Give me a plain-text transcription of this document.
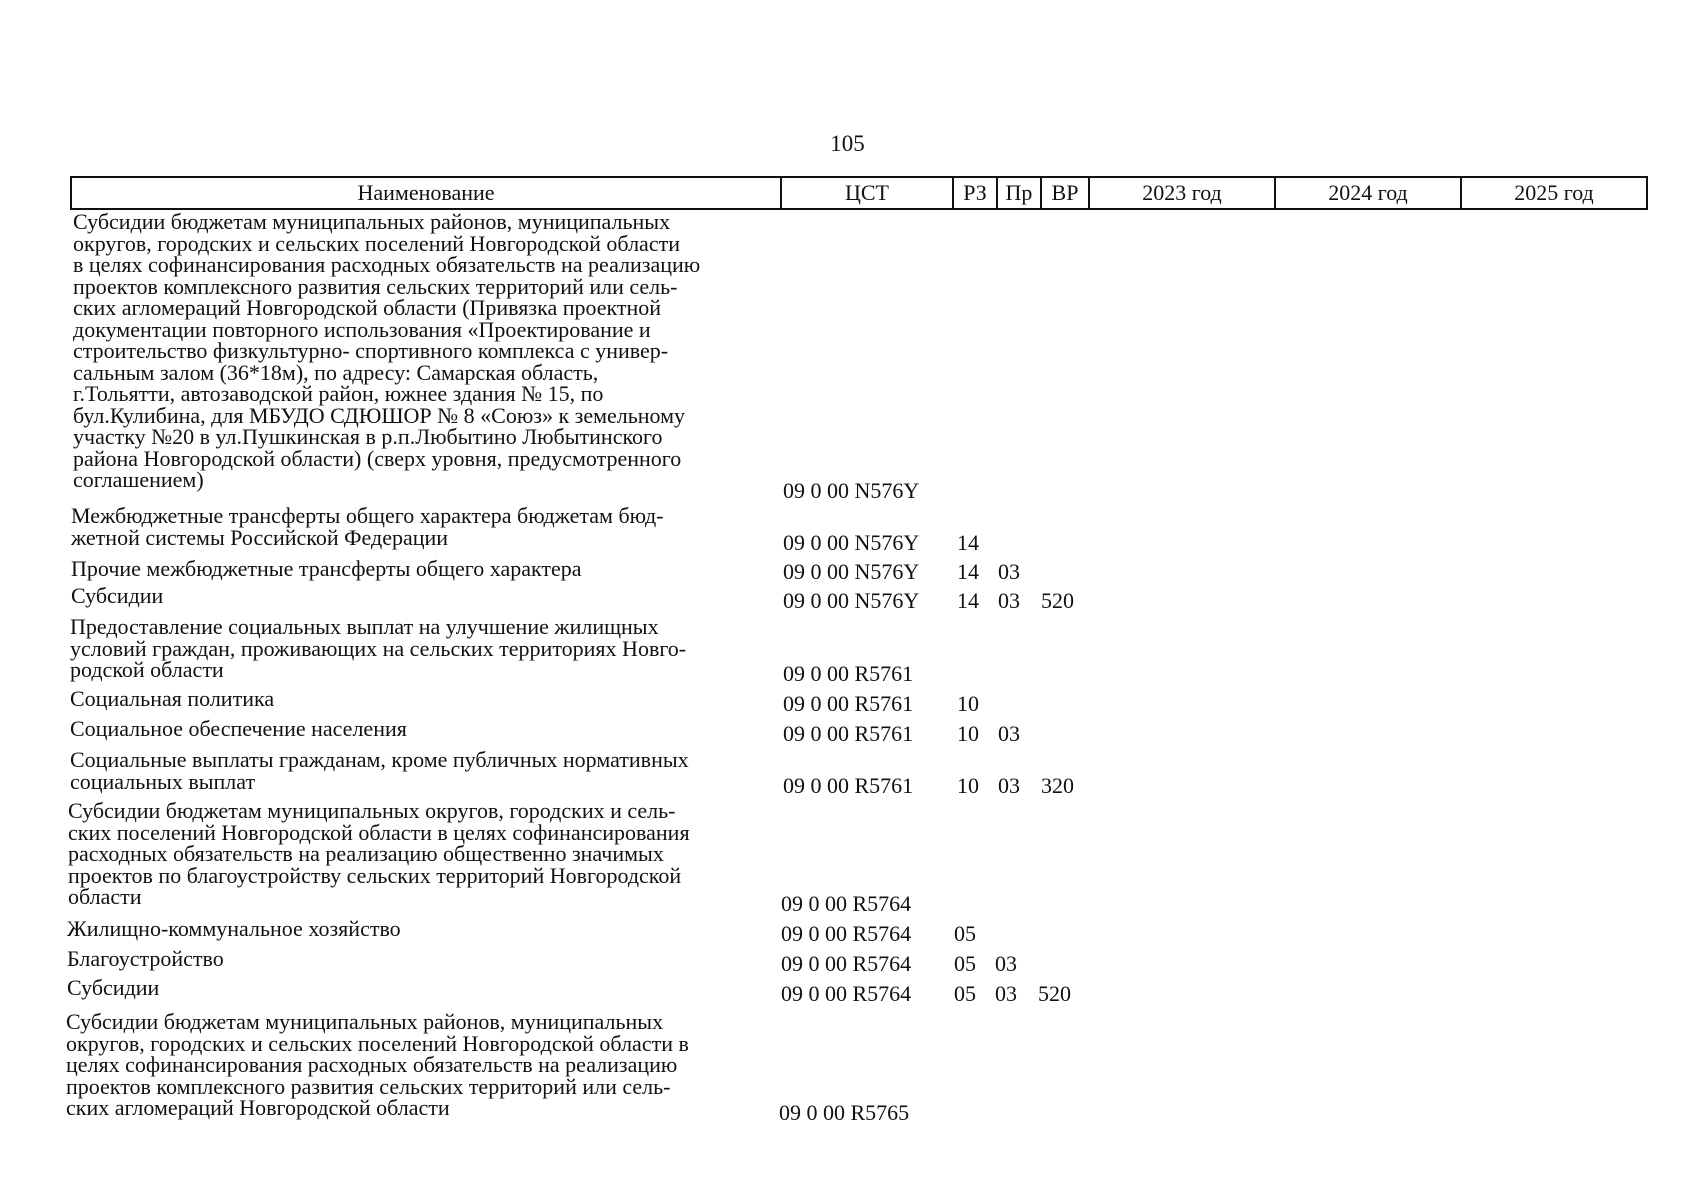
105
Наименование	ЦСТ	РЗ Пр ВР	2023 год	2024 год	2025 год
Субсидии бюджетам муниципальных районов, муниципальных
округов, городских и сельских поселений Новгородской области
в целях софинансирования расходных обязательств на реализацию
проектов комплексного развития сельских территорий или сель-
ских агломераций Новгородской области (Привязка проектной
документации повторного использования «Проектирование и
строительство физкультурно- спортивного комплекса с универ-
сальным залом (36*18м), по адресу: Самарская область,
г.Тольятти, автозаводской район, южнее здания № 15, по
бул.Кулибина, для МБУДО СДЮШОР № 8 «Союз» к земельному
участку №20 в ул.Пушкинская в р.п.Любытино Любытинского
района Новгородской области) (сверх уровня, предусмотренного
соглашением)	09 0 00 N576Y
Межбюджетные трансферты общего характера бюджетам бюд-
жетной системы Российской Федерации	09 0 00 N576Y 14
Прочие межбюджетные трансферты общего характера	09 0 00 N576Y 14 03
Субсидии	09 0 00 N576Y 14 03 520
Предоставление социальных выплат на улучшение жилищных
условий граждан, проживающих на сельских территориях Новго-
родской области	09 0 00 R5761
Социальная политика	09 0 00 R5761 10
Социальное обеспечение населения	09 0 00 R5761 10 03
Социальные выплаты гражданам, кроме публичных нормативных
социальных выплат	09 0 00 R5761 10 03 320
Субсидии бюджетам муниципальных округов, городских и сель-
ских поселений Новгородской области в целях софинансирования
расходных обязательств на реализацию общественно значимых
проектов по благоустройству сельских территорий Новгородской
области	09 0 00 R5764
Жилищно-коммунальное хозяйство	09 0 00 R5764 05
Благоустройство	09 0 00 R5764 05 03
Субсидии	09 0 00 R5764 05 03 520
Субсидии бюджетам муниципальных районов, муниципальных
округов, городских и сельских поселений Новгородской области в
целях софинансирования расходных обязательств на реализацию
проектов комплексного развития сельских территорий или сель-
ских агломераций Новгородской области	09 0 00 R5765
